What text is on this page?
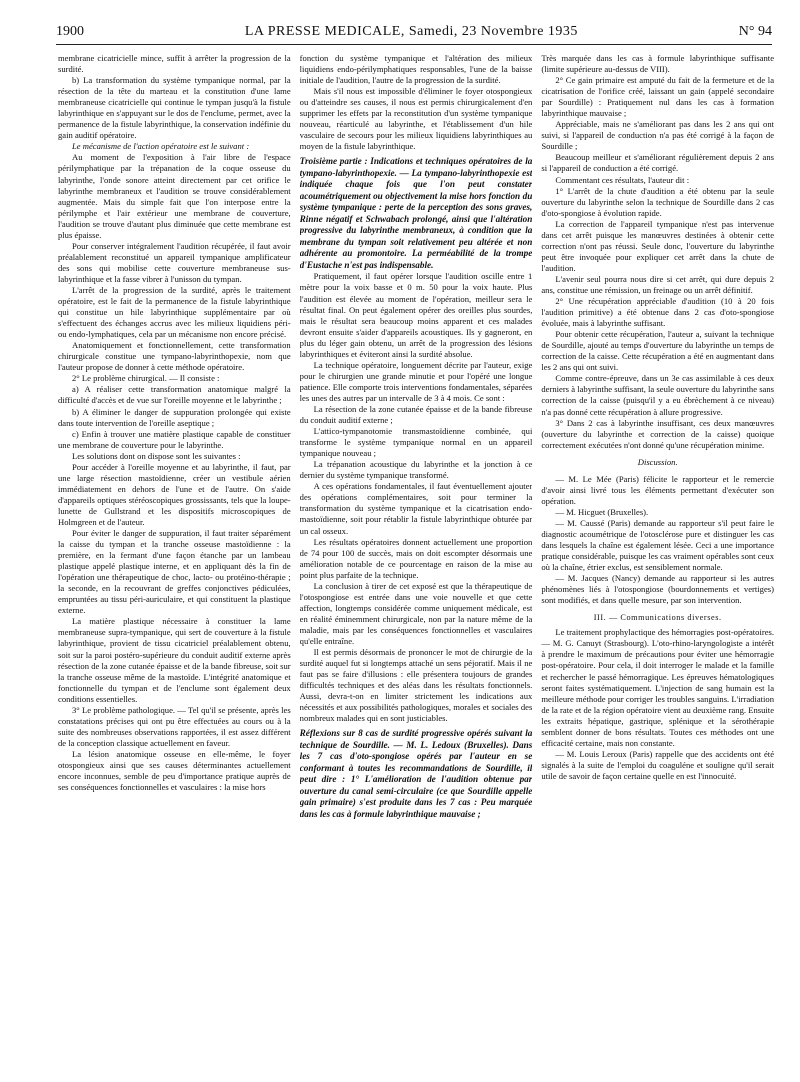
1900	LA PRESSE MEDICALE, Samedi, 23 Novembre 1935	N° 94

membrane cicatricielle mince, suffit à arrêter la progression de la surdité.

b) La transformation du système tympanique normal, par la résection de la tête du marteau et la constitution d'une lame membraneuse cicatricielle qui continue le tympan jusqu'à la fistule labyrinthique en s'appuyant sur le dos de l'enclume, permet, avec la permanence de la fistule labyrinthique, la conservation indéfinie du gain auditif opératoire.

Le mécanisme de l'action opératoire est le suivant :

Au moment de l'exposition à l'air libre de l'espace périlymphatique par la trépanation de la coque osseuse du labyrinthe, l'onde sonore atteint directement par cet orifice le labyrinthe membraneux et l'audition se trouve considérablement augmentée. Mais du simple fait que l'on interpose entre la périlymphe et l'air extérieur une membrane de couverture, l'audition se trouve d'autant plus diminuée que cette membrane est plus épaisse.

Pour conserver intégralement l'audition récupérée, il faut avoir préalablement reconstitué un appareil tympanique amplificateur des sons qui mobilise cette couverture membraneuse sus-labyrinthique et la fasse vibrer à l'unisson du tympan.

L'arrêt de la progression de la surdité, après le traitement opératoire, est le fait de la permanence de la fistule labyrinthique qui constitue un hile labyrinthique supplémentaire par où s'effectuent des échanges accrus avec les milieux liquidiens péri- ou endo-lymphatiques, cela par un mécanisme non encore précisé.

Anatomiquement et fonctionnellement, cette transformation chirurgicale constitue une tympano-labyrinthopexie, nom que l'auteur propose de donner à cette méthode opératoire.

2° Le problème chirurgical. — Il consiste :

a) A réaliser cette transformation anatomique malgré la difficulté d'accès et de vue sur l'oreille moyenne et le labyrinthe ;

b) A éliminer le danger de suppuration prolongée qui existe dans toute intervention de l'oreille aseptique ;

c) Enfin à trouver une matière plastique capable de constituer une membrane de couverture pour le labyrinthe.

Les solutions dont on dispose sont les suivantes :

Pour accéder à l'oreille moyenne et au labyrinthe, il faut, par une large résection mastoïdienne, créer un vestibule aérien immédiatement en dehors de l'une et de l'autre. On s'aide d'appareils optiques stéréoscopiques grossissants, tels que la loupe-lunette de Gullstrand et les dispositifs microscopiques de Holmgreen et de l'auteur.

Pour éviter le danger de suppuration, il faut traiter séparément la caisse du tympan et la tranche osseuse mastoïdienne : la première, en la fermant d'une façon étanche par un lambeau plastique appelé plastique interne, et en appliquant dès la fin de l'opération une thérapeutique de choc, lacto- ou protéino-thérapie ; la seconde, en la recouvrant de greffes conjonctives pédiculées, empruntées au tissu péri-auriculaire, et qui constituent la plastique externe.

La matière plastique nécessaire à constituer la lame membraneuse supra-tympanique, qui sert de couverture à la fistule labyrinthique, provient de tissu cicatriciel préalablement obtenu, soit sur la paroi postéro-supérieure du conduit auditif externe après résection de la zone cutanée épaisse et de la bande fibreuse, soit sur la tranche osseuse même de la mastoïde. L'intégrité anatomique et fonctionnelle du tympan et de l'enclume sont également deux conditions essentielles.

3° Le problème pathologique. — Tel qu'il se présente, après les constatations précises qui ont pu être effectuées au cours ou à la suite des nombreuses observations rapportées, il est assez différent de la conception classique actuellement en faveur.

La lésion anatomique osseuse en elle-même, le foyer otospongieux ainsi que ses causes déterminantes actuellement encore inconnues, semble de peu d'importance pratique auprès de ses conséquences fonctionnelles et vasculaires : la mise hors

fonction du système tympanique et l'altération des milieux liquidiens endo-périlymphatiques responsables, l'une de la baisse initiale de l'audition, l'autre de la progression de la surdité.

Mais s'il nous est impossible d'éliminer le foyer otospongieux ou d'atteindre ses causes, il nous est permis chirurgicalement d'en supprimer les effets par la reconstitution d'un système tympanique nouveau, réarticulé au labyrinthe, et l'établissement d'un hile vasculaire de secours pour les milieux liquidiens labyrinthiques au moyen de la fistule labyrinthique.

Troisième partie : Indications et techniques opératoires de la tympano-labyrinthopexie. — La tympano-labyrinthopexie est indiquée chaque fois que l'on peut constater acoumétriquement ou objectivement la mise hors fonction du système tympanique : perte de la perception des sons graves, Rinne négatif et Schwabach prolongé, ainsi que l'altération progressive du labyrinthe membraneux, à condition que la membrane du tympan soit relativement peu altérée et non adhérente au promontoire. La perméabilité de la trompe d'Eustache n'est pas indispensable.

Pratiquement, il faut opérer lorsque l'audition oscille entre 1 mètre pour la voix basse et 0 m. 50 pour la voix haute. Plus l'audition est élevée au moment de l'opération, meilleur sera le résultat final. On peut également opérer des oreilles plus sourdes, mais le résultat sera beaucoup moins apparent et ces malades devront ensuite s'aider d'appareils acoustiques. Ils y gagneront, en plus du léger gain obtenu, un arrêt de la progression des lésions labyrinthiques et éviteront ainsi la surdité absolue.

La technique opératoire, longuement décrite par l'auteur, exige pour le chirurgien une grande minutie et pour l'opéré une longue patience. Elle comporte trois interventions fondamentales, séparées les unes des autres par un intervalle de 3 à 4 mois. Ce sont :

La résection de la zone cutanée épaisse et de la bande fibreuse du conduit auditif externe ;

L'attico-tympanotomie transmastoïdienne combinée, qui transforme le système tympanique normal en un appareil tympanique nouveau ;

La trépanation acoustique du labyrinthe et la jonction à ce dernier du système tympanique transformé.

A ces opérations fondamentales, il faut éventuellement ajouter des opérations complémentaires, soit pour terminer la transformation du système tympanique et la cicatrisation endo-mastoïdienne, soit pour rétablir la fistule labyrinthique obturée par un cal osseux.

Les résultats opératoires donnent actuellement une proportion de 74 pour 100 de succès, mais on doit escompter désormais une amélioration notable de ce pourcentage en raison de la mise au point plus parfaite de la technique.

La conclusion à tirer de cet exposé est que la thérapeutique de l'otospongiose est entrée dans une voie nouvelle et que cette affection, longtemps considérée comme uniquement médicale, est en réalité éminemment chirurgicale, non par la nature même de la maladie, mais par les conséquences fonctionnelles et vasculaires qu'elle entraîne.

Il est permis désormais de prononcer le mot de chirurgie de la surdité auquel fut si longtemps attaché un sens péjoratif. Mais il ne faut pas se faire d'illusions : elle présentera toujours de grandes difficultés techniques et des aléas dans les résultats fonctionnels. Aussi, devra-t-on en limiter strictement les indications aux nécessités et aux possibilités pathologiques, morales et sociales des nombreux malades qui en sont justiciables.

Réflexions sur 8 cas de surdité progressive opérés suivant la technique de Sourdille. — M. L. Ledoux (Bruxelles). Dans les 7 cas d'oto-spongiose opérés par l'auteur en se conformant à toutes les recommandations de Sourdille, il peut dire : 1° L'amélioration de l'audition obtenue par ouverture du canal semi-circulaire (ce que Sourdille appelle gain primaire) s'est produite dans les 7 cas : Peu marquée dans les cas à formule labyrinthique mauvaise ;

Très marquée dans les cas à formule labyrinthique suffisante (limite supérieure au-dessus de VIII).

2° Ce gain primaire est amputé du fait de la fermeture et de la cicatrisation de l'orifice créé, laissant un gain (appelé secondaire par Sourdille) : Pratiquement nul dans les cas à formation labyrinthique mauvaise ;

Appréciable, mais ne s'améliorant pas dans les 2 ans qui ont suivi, si l'appareil de conduction n'a pas été corrigé à la façon de Sourdille ;

Beaucoup meilleur et s'améliorant régulièrement depuis 2 ans si l'appareil de conduction a été corrigé.

Commentant ces résultats, l'auteur dit :

1° L'arrêt de la chute d'audition a été obtenu par la seule ouverture du labyrinthe selon la technique de Sourdille dans 2 cas d'oto-spongiose à évolution rapide.

La correction de l'appareil tympanique n'est pas intervenue dans cet arrêt puisque les manœuvres destinées à obtenir cette correction n'ont pas réussi. Seule donc, l'ouverture du labyrinthe peut être invoquée pour expliquer cet arrêt dans la chute de l'audition.

L'avenir seul pourra nous dire si cet arrêt, qui dure depuis 2 ans, constitue une rémission, un freinage ou un arrêt définitif.

2° Une récupération appréciable d'audition (10 à 20 fois l'audition primitive) a été obtenue dans 2 cas d'oto-spongiose évoluée, mais à labyrinthe suffisant.

Pour obtenir cette récupération, l'auteur a, suivant la technique de Sourdille, ajouté au temps d'ouverture du labyrinthe un temps de correction de la caisse. Cette récupération a été en augmentant dans les 2 ans qui ont suivi.

Comme contre-épreuve, dans un 3e cas assimilable à ces deux derniers à labyrinthe suffisant, la seule ouverture du labyrinthe sans correction de la caisse (puisqu'il y a eu ébrèchement à ce niveau) n'a pas donné cette récupération à allure progressive.

3° Dans 2 cas à labyrinthe insuffisant, ces deux manœuvres (ouverture du labyrinthe et correction de la caisse) quoique correctement exécutées n'ont donné qu'une récupération minime.

Discussion.

— M. Le Mée (Paris) félicite le rapporteur et le remercie d'avoir ainsi livré tous les éléments permettant d'exécuter son opération.

— M. Hicguet (Bruxelles).

— M. Caussé (Paris) demande au rapporteur s'il peut faire le diagnostic acoumétrique de l'otosclérose pure et distinguer les cas dans lesquels la chaîne est également lésée. Ceci a une importance pratique considérable, puisque les cas vraiment opérables sont ceux où la chaîne, étrier exclus, est sensiblement normale.

— M. Jacques (Nancy) demande au rapporteur si les autres phénomènes liés à l'otospongiose (bourdonnements et vertiges) sont modifiés, et dans quelle mesure, par son intervention.

III. — Communications diverses.

Le traitement prophylactique des hémorragies post-opératoires. — M. G. Canuyt (Strasbourg). L'oto-rhino-laryngologiste a intérêt à prendre le maximum de précautions pour éviter une hémorragie post-opératoire. Pour cela, il doit interroger le malade et la famille et rechercher le passé hémorragique. Les épreuves hématologiques seront faites systématiquement. L'injection de sang humain est la meilleure méthode pour corriger les troubles sanguins. L'irradiation de la rate et de la région opératoire vient au deuxième rang. Ensuite les extraits hépatique, gastrique, splénique et la sérothérapie semblent donner de bons résultats. Toutes ces méthodes ont une efficacité certaine, mais non constante.

— M. Louis Leroux (Paris) rappelle que des accidents ont été signalés à la suite de l'emploi du coaguléne et souligne qu'il serait utile de savoir de façon certaine quelle en est l'innocuité.
